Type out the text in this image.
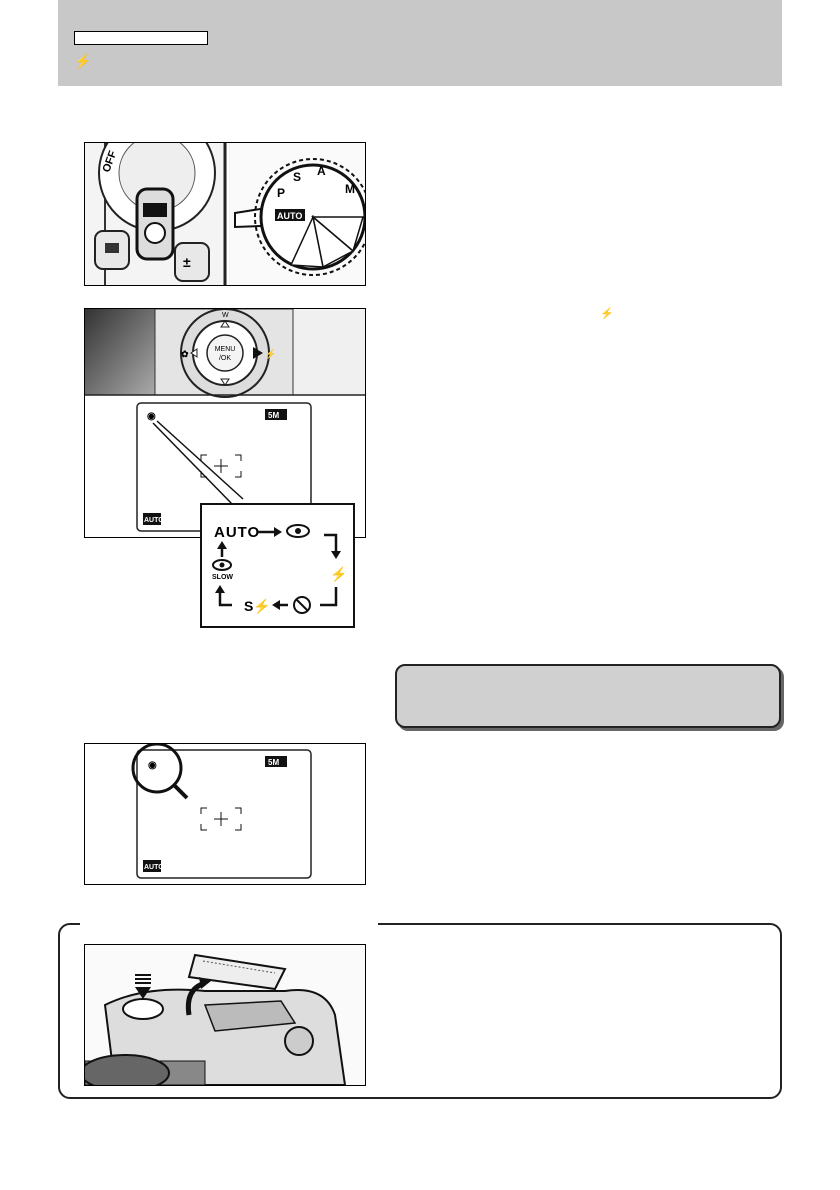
⚡
OFF
±
M
A
S
P
AUTO
MENU
/OK
✿	⚡
W
◉	5M
AUTO
AUTO
⚡
S⚡
SLOW
⚡
◉	5M
AUTO
